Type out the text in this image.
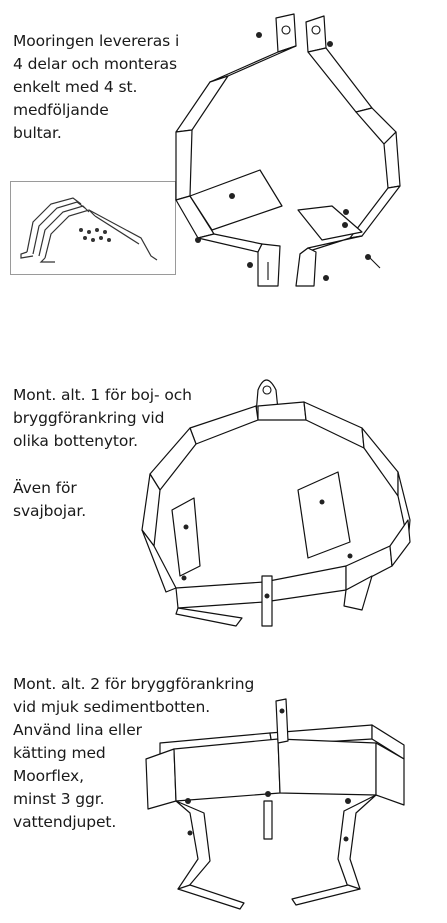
Mooringen levereras i
4 delar och monteras
enkelt med 4 st.
medföljande
bultar.

Mont. alt. 1 för boj- och
bryggförankring vid
olika bottenytor.

Även för
svajbojar.

Mont. alt. 2 för bryggförankring
vid mjuk sedimentbotten.
Använd lina eller
kätting med
Moorflex,
minst 3 ggr.
vattendjupet.
